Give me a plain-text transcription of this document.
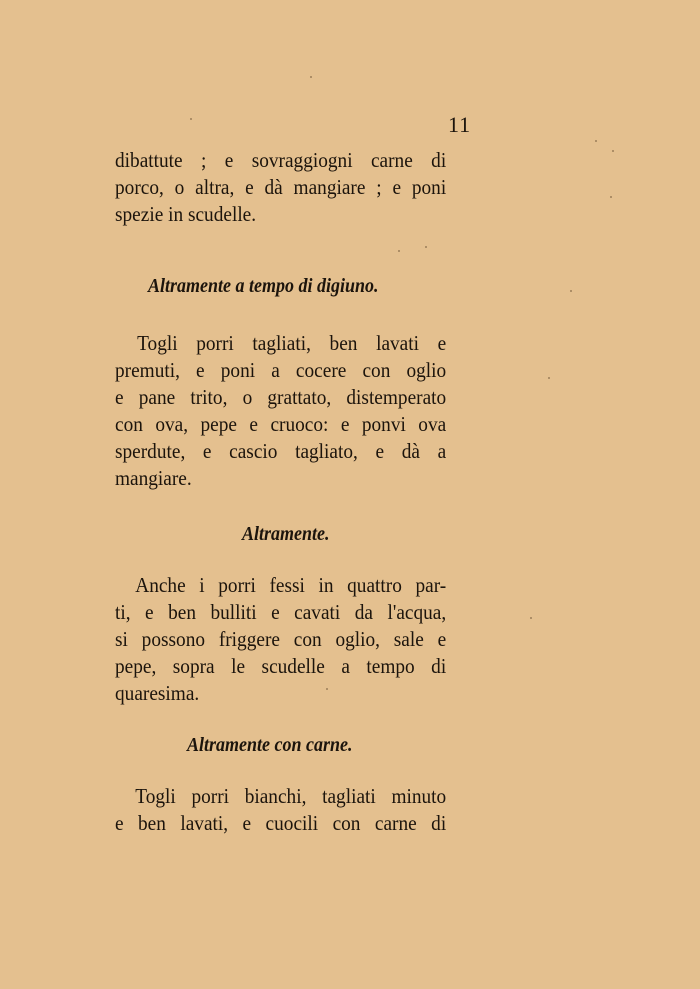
11
dibattute ; e sovraggiogni carne di
porco, o altra, e dà mangiare ; e poni
spezie in scudelle.
Altramente a tempo di digiuno.
Togli porri tagliati, ben lavati e
premuti, e poni a cocere con oglio
e pane trito, o grattato, distemperato
con ova, pepe e cruoco: e ponvi ova
sperdute, e cascio tagliato, e dà a
mangiare.
Altramente.
Anche i porri fessi in quattro par-
ti, e ben bulliti e cavati da l'acqua,
si possono friggere con oglio, sale e
pepe, sopra le scudelle a tempo di
quaresima.
Altramente con carne.
Togli porri bianchi, tagliati minuto
e ben lavati, e cuocili con carne di
